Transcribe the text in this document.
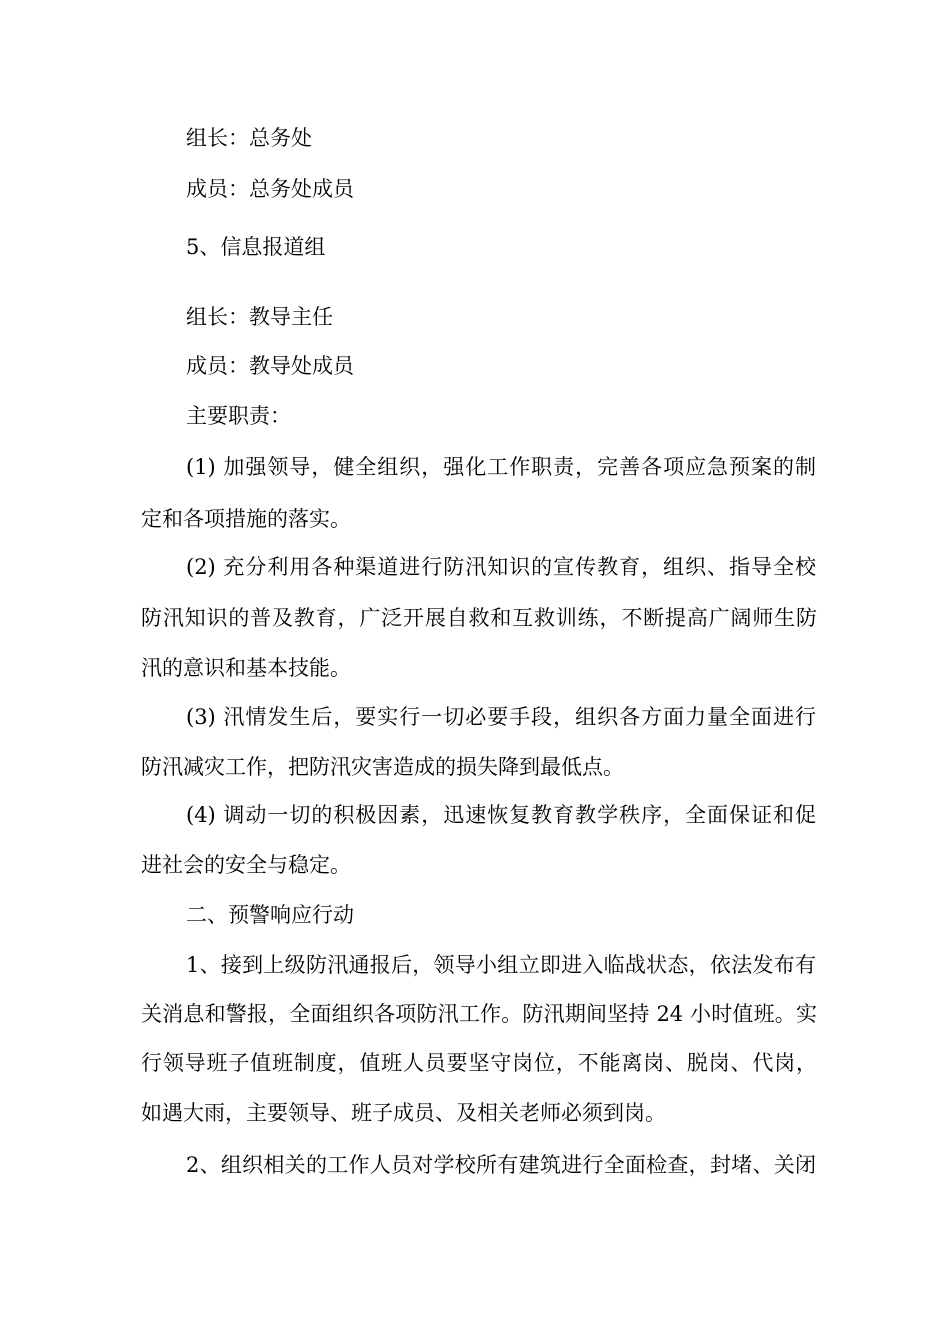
组长：总务处
成员：总务处成员
5、信息报道组
组长：教导主任
成员：教导处成员
主要职责：
(1) 加强领导，健全组织，强化工作职责，完善各项应急预案的制
定和各项措施的落实。
(2) 充分利用各种渠道进行防汛知识的宣传教育，组织、指导全校
防汛知识的普及教育，广泛开展自救和互救训练，不断提高广阔师生防
汛的意识和基本技能。
(3) 汛情发生后，要实行一切必要手段，组织各方面力量全面进行
防汛减灾工作，把防汛灾害造成的损失降到最低点。
(4) 调动一切的积极因素，迅速恢复教育教学秩序，全面保证和促
进社会的安全与稳定。
二、预警响应行动
1、接到上级防汛通报后，领导小组立即进入临战状态，依法发布有
关消息和警报，全面组织各项防汛工作。防汛期间坚持 24 小时值班。实
行领导班子值班制度，值班人员要坚守岗位，不能离岗、脱岗、代岗，
如遇大雨，主要领导、班子成员、及相关老师必须到岗。
2、组织相关的工作人员对学校所有建筑进行全面检查，封堵、关闭
